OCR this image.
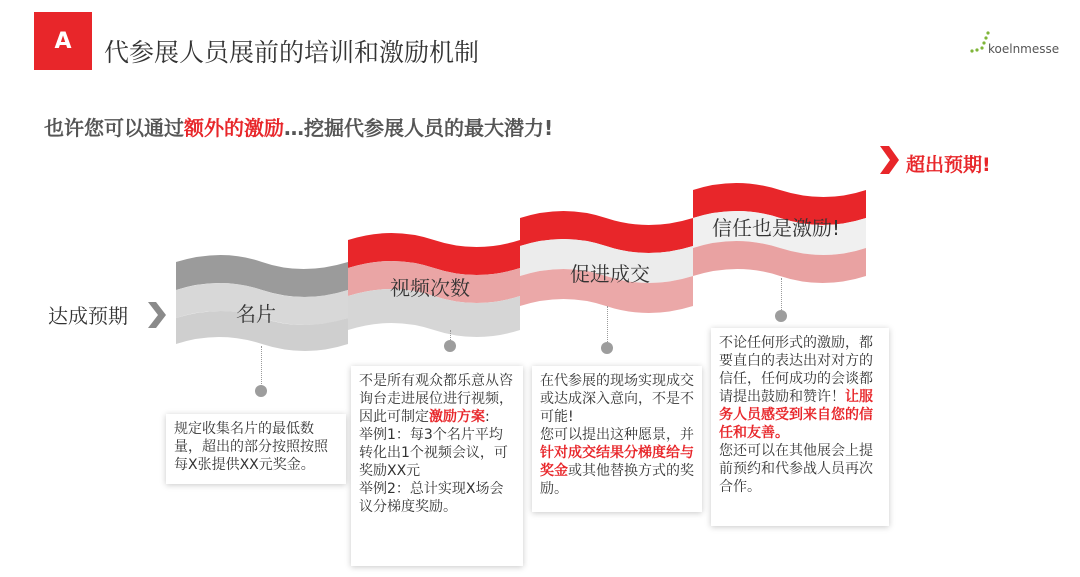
A	代参展人员展前的培训和激励机制	koelnmesse
也许您可以通过额外的激励…挖掘代参展人员的最大潜力!
达成预期
超出预期!
名片
视频次数
促进成交
信任也是激励!
规定收集名片的最低数量，超出的部分按照按照每X张提供XX元奖金。
不是所有观众都乐意从咨询台走进展位进行视频，因此可制定激励方案:
举例1：每3个名片平均转化出1个视频会议，可奖励XX元
举例2：总计实现X场会议分梯度奖励。
在代参展的现场实现成交或达成深入意向，不是不可能!
您可以提出这种愿景，并针对成交结果分梯度给与奖金或其他替换方式的奖励。
不论任何形式的激励，都要直白的表达出对对方的信任，任何成功的会谈都请提出鼓励和赞许！让服务人员感受到来自您的信任和友善。
您还可以在其他展会上提前预约和代参战人员再次合作。
